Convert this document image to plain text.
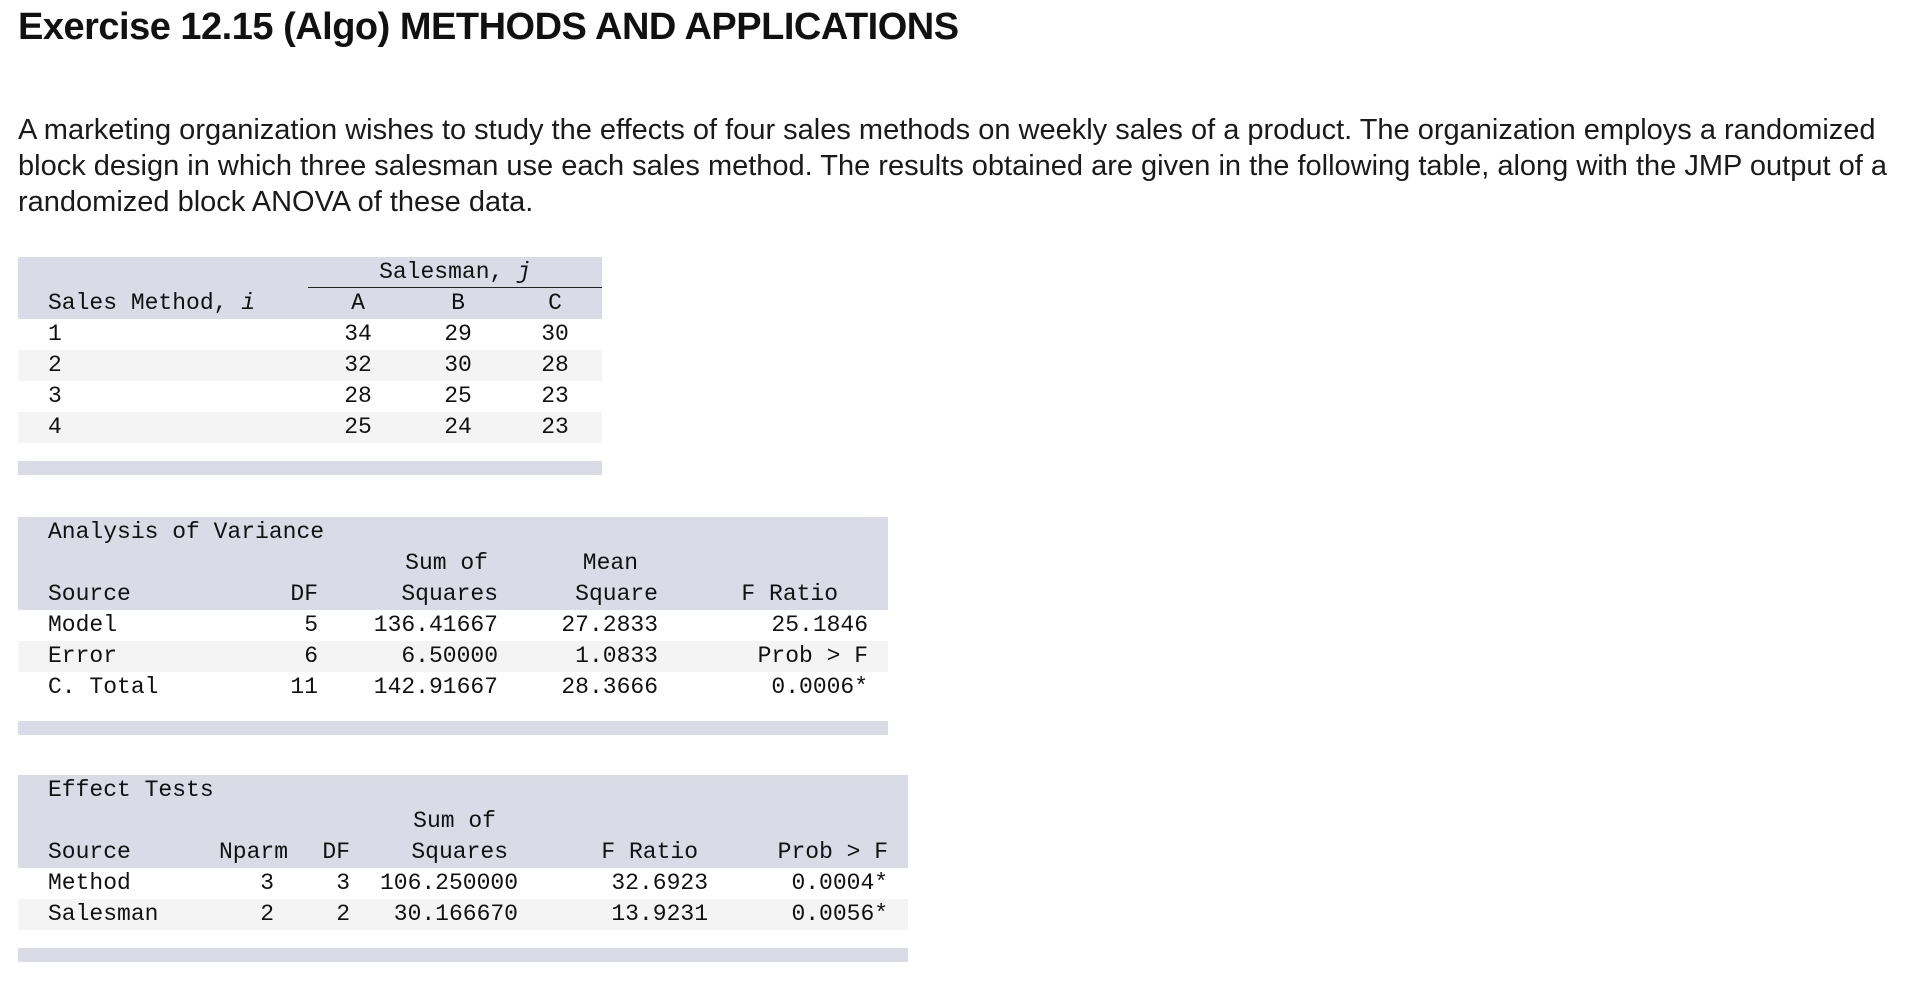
Exercise 12.15 (Algo) METHODS AND APPLICATIONS

A marketing organization wishes to study the effects of four sales methods on weekly sales of a product. The organization employs a randomized block design in which three salesman use each sales method. The results obtained are given in the following table, along with the JMP output of a randomized block ANOVA of these data.

	Salesman, j		
Sales Method, i	A	B	C
1	34	29	30
2	32	30	28
3	28	25	23
4	25	24	23
Analysis of Variance				
		Sum of	Mean	
Source	DF	Squares	Square	F Ratio
Model	5	136.41667	27.2833	25.1846
Error	6	6.50000	1.0833	Prob > F
C. Total	11	142.91667	28.3666	0.0006*
Effect Tests					
			Sum of		
Source	Nparm	DF	Squares	F Ratio	Prob > F
Method	3	3	106.250000	32.6923	0.0004*
Salesman	2	2	30.166670	13.9231	0.0056*
